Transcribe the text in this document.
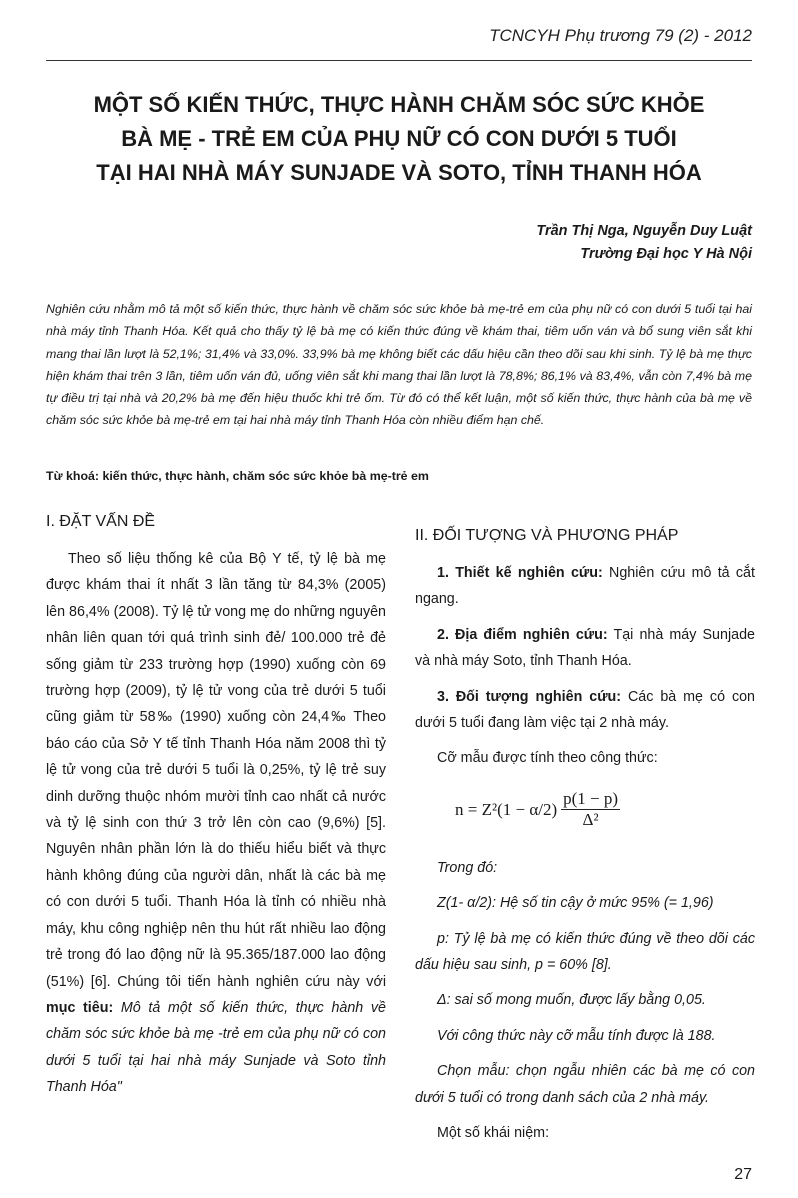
TCNCYH Phụ trương 79 (2) - 2012
MỘT SỐ KIẾN THỨC, THỰC HÀNH CHĂM SÓC SỨC KHỎE
BÀ MẸ - TRẺ EM CỦA PHỤ NỮ CÓ CON DƯỚI 5 TUỔI
TẠI HAI NHÀ MÁY SUNJADE VÀ SOTO, TỈNH THANH HÓA
Trần Thị Nga, Nguyễn Duy Luật
Trường Đại học Y Hà Nội

Nghiên cứu nhằm mô tả một số kiến thức, thực hành về chăm sóc sức khỏe bà mẹ-trẻ em của phụ nữ có con dưới 5 tuổi tại hai nhà máy tỉnh Thanh Hóa. Kết quả cho thấy tỷ lệ bà mẹ có kiến thức đúng về khám thai, tiêm uốn ván và bổ sung viên sắt khi mang thai lần lượt là 52,1%; 31,4% và 33,0%. 33,9% bà mẹ không biết các dấu hiệu cần theo dõi sau khi sinh. Tỷ lệ bà mẹ thực hiện khám thai trên 3 lần, tiêm uốn ván đủ, uống viên sắt khi mang thai lần lượt là 78,8%; 86,1% và 83,4%, vẫn còn 7,4% bà mẹ tự điều trị tại nhà và 20,2% bà mẹ đến hiệu thuốc khi trẻ ốm. Từ đó có thể kết luận, một số kiến thức, thực hành của bà mẹ về chăm sóc sức khỏe bà mẹ-trẻ em tại hai nhà máy tỉnh Thanh Hóa còn nhiều điểm hạn chế.

Từ khoá: kiến thức, thực hành, chăm sóc sức khỏe bà mẹ-trẻ em

I. ĐẶT VẤN ĐỀ

Theo số liệu thống kê của Bộ Y tế, tỷ lệ bà mẹ được khám thai ít nhất 3 lần tăng từ 84,3% (2005) lên 86,4% (2008). Tỷ lệ tử vong mẹ do những nguyên nhân liên quan tới quá trình sinh đẻ/ 100.000 trẻ đẻ sống giảm từ 233 trường hợp (1990) xuống còn 69 trường hợp (2009), tỷ lệ tử vong của trẻ dưới 5 tuổi cũng giảm từ 58‰ (1990) xuống còn 24,4‰ Theo báo cáo của Sở Y tế tỉnh Thanh Hóa năm 2008 thì tỷ lệ tử vong của trẻ dưới 5 tuổi là 0,25%, tỷ lệ trẻ suy dinh dưỡng thuộc nhóm mười tỉnh cao nhất cả nước và tỷ lệ sinh con thứ 3 trở lên còn cao (9,6%) [5]. Nguyên nhân phần lớn là do thiếu hiểu biết và thực hành không đúng của người dân, nhất là các bà mẹ có con dưới 5 tuổi. Thanh Hóa là tỉnh có nhiều nhà máy, khu công nghiệp nên thu hút rất nhiều lao động trẻ trong đó lao động nữ là 95.365/187.000 lao động (51%) [6]. Chúng tôi tiến hành nghiên cứu này với mục tiêu: Mô tả một số kiến thức, thực hành về chăm sóc sức khỏe bà mẹ -trẻ em của phụ nữ có con dưới 5 tuổi tại hai nhà máy Sunjade và Soto tỉnh Thanh Hóa"

II. ĐỐI TƯỢNG VÀ PHƯƠNG PHÁP

1. Thiết kế nghiên cứu: Nghiên cứu mô tả cắt ngang.

2. Địa điểm nghiên cứu: Tại nhà máy Sunjade và nhà máy Soto, tỉnh Thanh Hóa.

3. Đối tượng nghiên cứu: Các bà mẹ có con dưới 5 tuổi đang làm việc tại 2 nhà máy.

Cỡ mẫu được tính theo công thức:

$n = Z^2(1 - \alpha/2) \frac{p(1 - p)}{\text{Δ²}}$

Trong đó:

Z(1- α/2): Hệ số tin cậy ở mức 95% (= 1,96)

p: Tỷ lệ bà mẹ có kiến thức đúng về theo dõi các dấu hiệu sau sinh, p = 60% [8].

Δ: sai số mong muốn, được lấy bằng 0,05.

Với công thức này cỡ mẫu tính được là 188.

Chọn mẫu: chọn ngẫu nhiên các bà mẹ có con dưới 5 tuổi có trong danh sách của 2 nhà máy.

Một số khái niệm:

27
